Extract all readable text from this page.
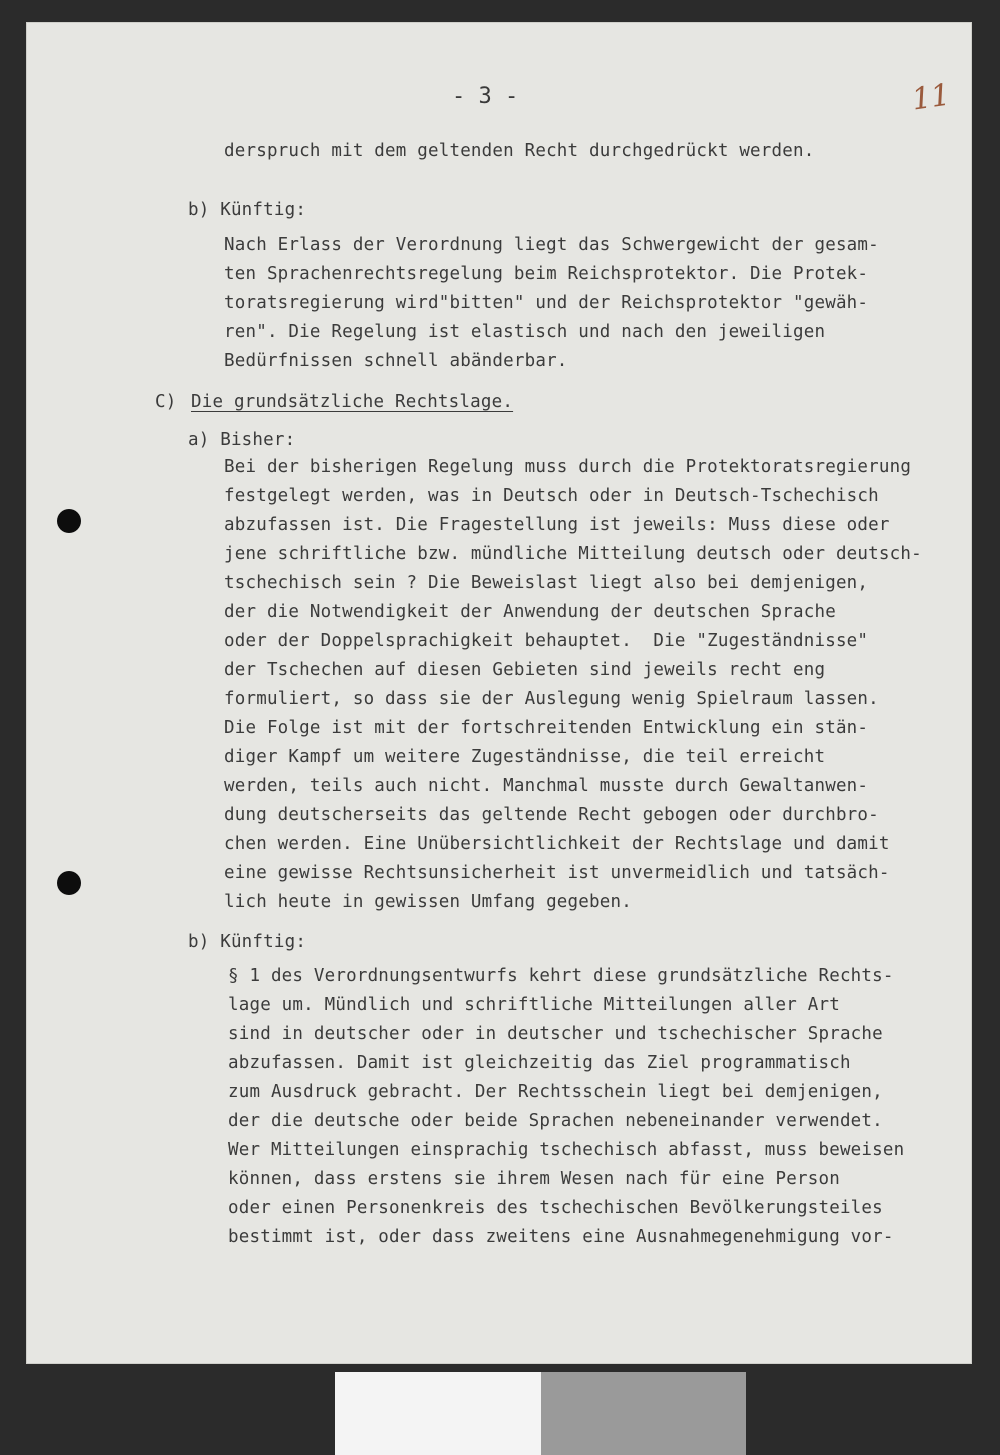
- 3 -	11
derspruch mit dem geltenden Recht durchgedrückt werden.
b) Künftig:
Nach Erlass der Verordnung liegt das Schwergewicht der gesam-
ten Sprachenrechtsregelung beim Reichsprotektor. Die Protek-
toratsregierung wird"bitten" und der Reichsprotektor "gewäh-
ren". Die Regelung ist elastisch und nach den jeweiligen
Bedürfnissen schnell abänderbar.
C) Die grundsätzliche Rechtslage.
a) Bisher:
Bei der bisherigen Regelung muss durch die Protektoratsregierung
festgelegt werden, was in Deutsch oder in Deutsch-Tschechisch
abzufassen ist. Die Fragestellung ist jeweils: Muss diese oder
jene schriftliche bzw. mündliche Mitteilung deutsch oder deutsch-
tschechisch sein ? Die Beweislast liegt also bei demjenigen,
der die Notwendigkeit der Anwendung der deutschen Sprache
oder der Doppelsprachigkeit behauptet.  Die "Zugeständnisse"
der Tschechen auf diesen Gebieten sind jeweils recht eng
formuliert, so dass sie der Auslegung wenig Spielraum lassen.
Die Folge ist mit der fortschreitenden Entwicklung ein stän-
diger Kampf um weitere Zugeständnisse, die teil erreicht
werden, teils auch nicht. Manchmal musste durch Gewaltanwen-
dung deutscherseits das geltende Recht gebogen oder durchbro-
chen werden. Eine Unübersichtlichkeit der Rechtslage und damit
eine gewisse Rechtsunsicherheit ist unvermeidlich und tatsäch-
lich heute in gewissen Umfang gegeben.
b) Künftig:
§ 1 des Verordnungsentwurfs kehrt diese grundsätzliche Rechts-
lage um. Mündlich und schriftliche Mitteilungen aller Art
sind in deutscher oder in deutscher und tschechischer Sprache
abzufassen. Damit ist gleichzeitig das Ziel programmatisch
zum Ausdruck gebracht. Der Rechtsschein liegt bei demjenigen,
der die deutsche oder beide Sprachen nebeneinander verwendet.
Wer Mitteilungen einsprachig tschechisch abfasst, muss beweisen
können, dass erstens sie ihrem Wesen nach für eine Person
oder einen Personenkreis des tschechischen Bevölkerungsteiles
bestimmt ist, oder dass zweitens eine Ausnahmegenehmigung vor-
